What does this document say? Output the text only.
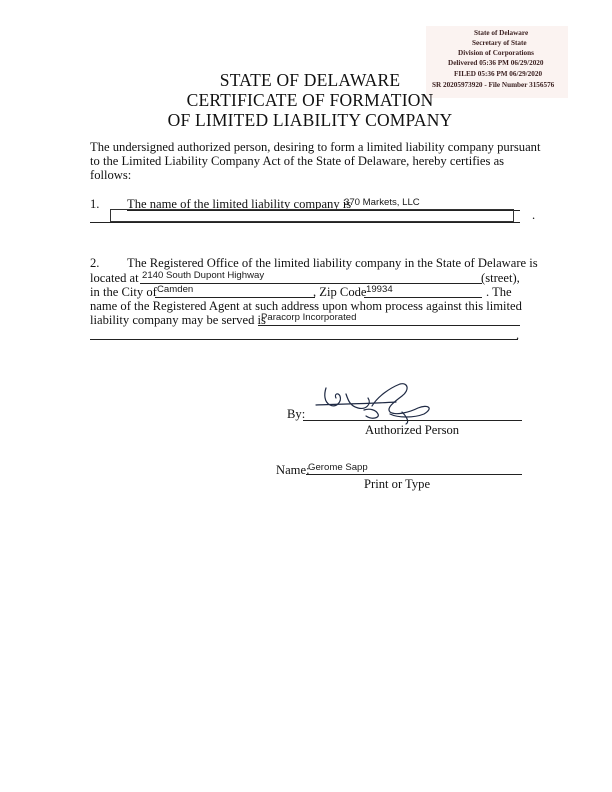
State of Delaware
Secretary of State
Division of Corporations
Delivered 05:36 PM 06/29/2020
FILED 05:36 PM 06/29/2020
SR 20205973920 - File Number 3156576
STATE OF DELAWARE
CERTIFICATE OF FORMATION
OF LIMITED LIABILITY COMPANY
The undersigned authorized person, desiring to form a limited liability company pursuant
to the Limited Liability Company Act of the State of Delaware, hereby certifies as
follows:
1. The name of the limited liability company is
370 Markets, LLC
.
2. The Registered Office of the limited liability company in the State of Delaware is
located at 2140 South Dupont Highway	(street),
in the City of Camden	, Zip Code 19934	. The
name of the Registered Agent at such address upon whom process against this limited
liability company may be served is
Paracorp Incorporated
.
By:
Authorized Person
Name:
Gerome Sapp
Print or Type
